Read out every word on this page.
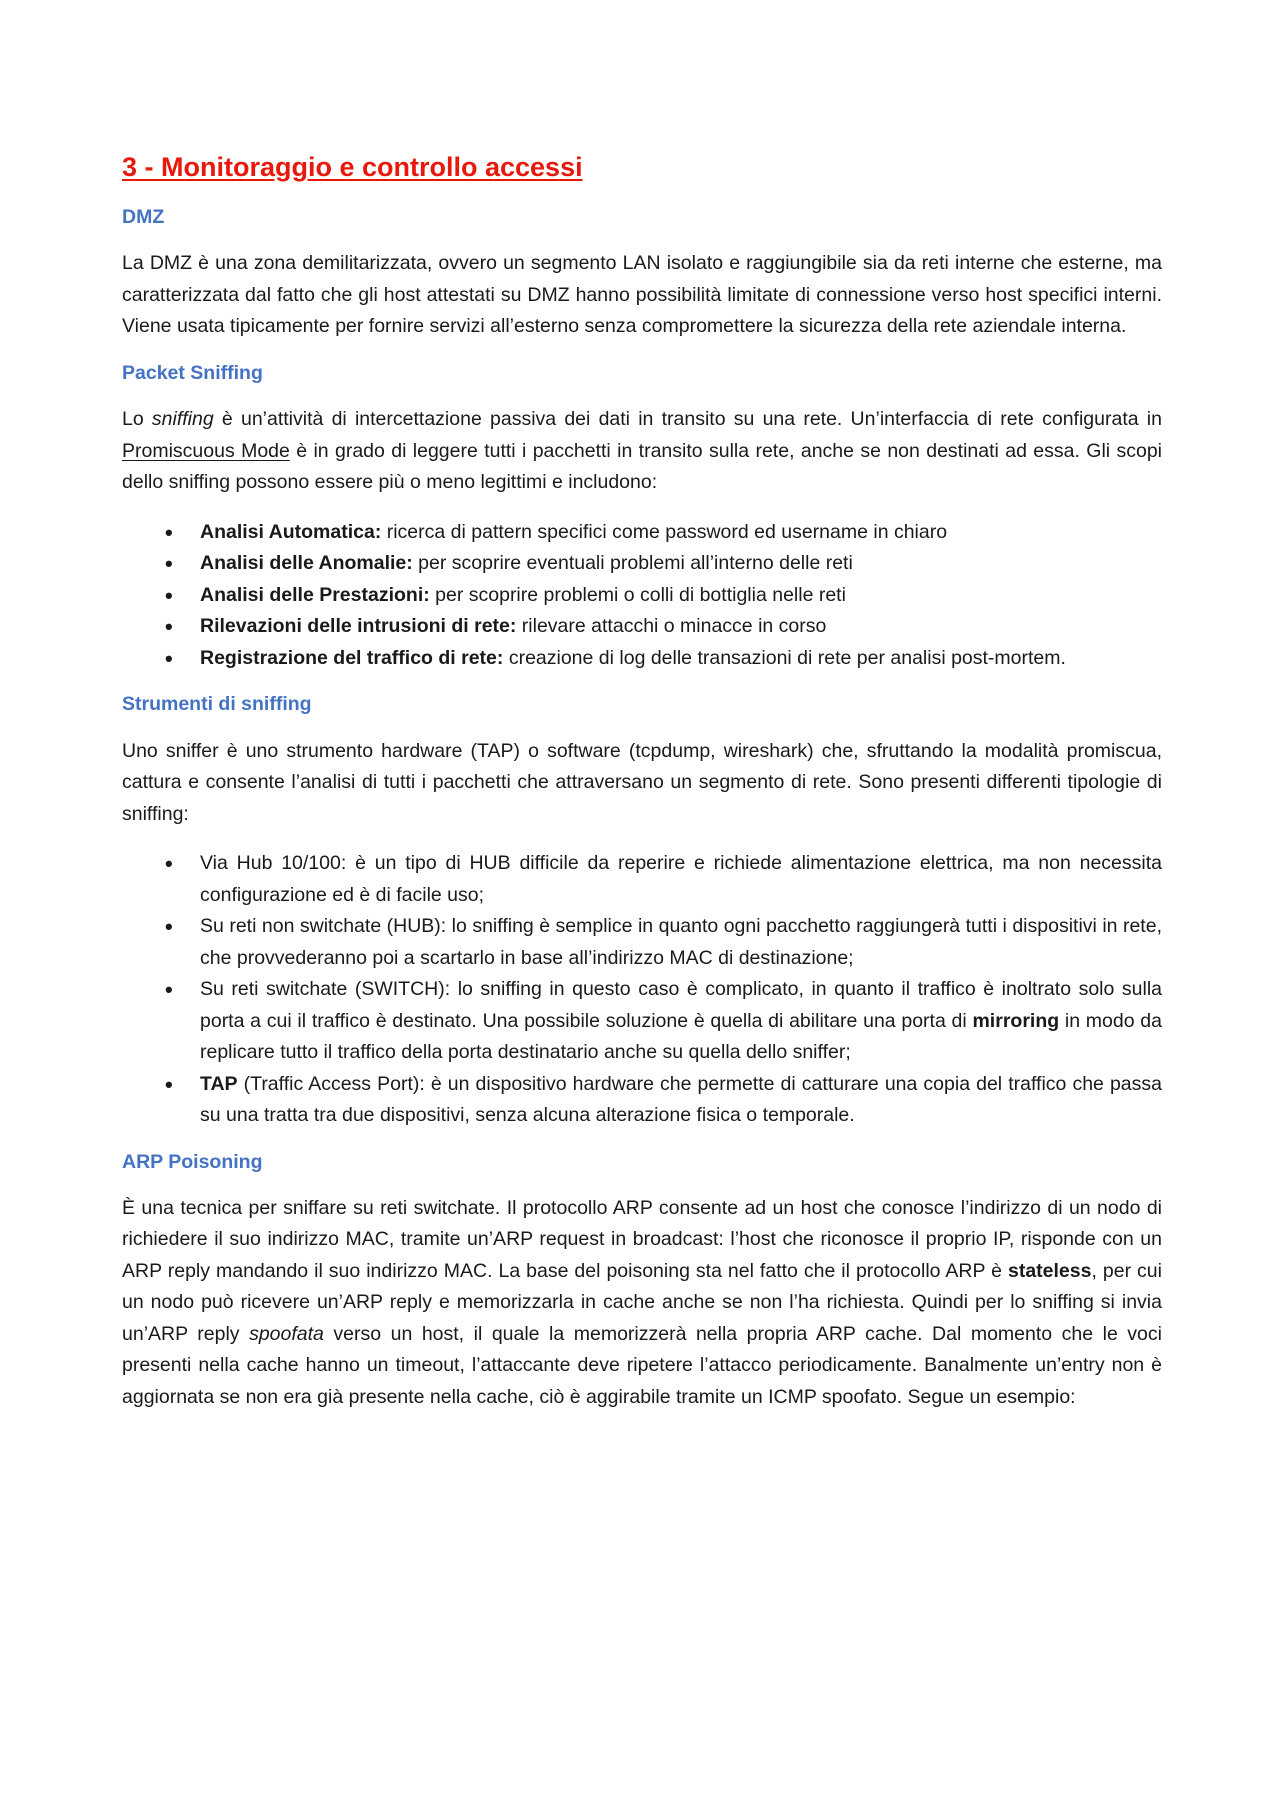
3 - Monitoraggio e controllo accessi
DMZ

La DMZ è una zona demilitarizzata, ovvero un segmento LAN isolato e raggiungibile sia da reti interne che esterne, ma caratterizzata dal fatto che gli host attestati su DMZ hanno possibilità limitate di connessione verso host specifici interni. Viene usata tipicamente per fornire servizi all’esterno senza compromettere la sicurezza della rete aziendale interna.

Packet Sniffing

Lo sniffing è un’attività di intercettazione passiva dei dati in transito su una rete. Un’interfaccia di rete configurata in Promiscuous Mode è in grado di leggere tutti i pacchetti in transito sulla rete, anche se non destinati ad essa. Gli scopi dello sniffing possono essere più o meno legittimi e includono:

• Analisi Automatica: ricerca di pattern specifici come password ed username in chiaro
• Analisi delle Anomalie: per scoprire eventuali problemi all’interno delle reti
• Analisi delle Prestazioni: per scoprire problemi o colli di bottiglia nelle reti
• Rilevazioni delle intrusioni di rete: rilevare attacchi o minacce in corso
• Registrazione del traffico di rete: creazione di log delle transazioni di rete per analisi post-mortem.
Strumenti di sniffing

Uno sniffer è uno strumento hardware (TAP) o software (tcpdump, wireshark) che, sfruttando la modalità promiscua, cattura e consente l’analisi di tutti i pacchetti che attraversano un segmento di rete. Sono presenti differenti tipologie di sniffing:

• Via Hub 10/100: è un tipo di HUB difficile da reperire e richiede alimentazione elettrica, ma non necessita configurazione ed è di facile uso;
• Su reti non switchate (HUB): lo sniffing è semplice in quanto ogni pacchetto raggiungerà tutti i dispositivi in rete, che provvederanno poi a scartarlo in base all’indirizzo MAC di destinazione;
• Su reti switchate (SWITCH): lo sniffing in questo caso è complicato, in quanto il traffico è inoltrato solo sulla porta a cui il traffico è destinato. Una possibile soluzione è quella di abilitare una porta di mirroring in modo da replicare tutto il traffico della porta destinatario anche su quella dello sniffer;
• TAP (Traffic Access Port): è un dispositivo hardware che permette di catturare una copia del traffico che passa su una tratta tra due dispositivi, senza alcuna alterazione fisica o temporale.
ARP Poisoning

È una tecnica per sniffare su reti switchate. Il protocollo ARP consente ad un host che conosce l’indirizzo di un nodo di richiedere il suo indirizzo MAC, tramite un’ARP request in broadcast: l’host che riconosce il proprio IP, risponde con un ARP reply mandando il suo indirizzo MAC. La base del poisoning sta nel fatto che il protocollo ARP è stateless, per cui un nodo può ricevere un’ARP reply e memorizzarla in cache anche se non l’ha richiesta. Quindi per lo sniffing si invia un’ARP reply spoofata verso un host, il quale la memorizzerà nella propria ARP cache. Dal momento che le voci presenti nella cache hanno un timeout, l’attaccante deve ripetere l’attacco periodicamente. Banalmente un’entry non è aggiornata se non era già presente nella cache, ciò è aggirabile tramite un ICMP spoofato. Segue un esempio:
